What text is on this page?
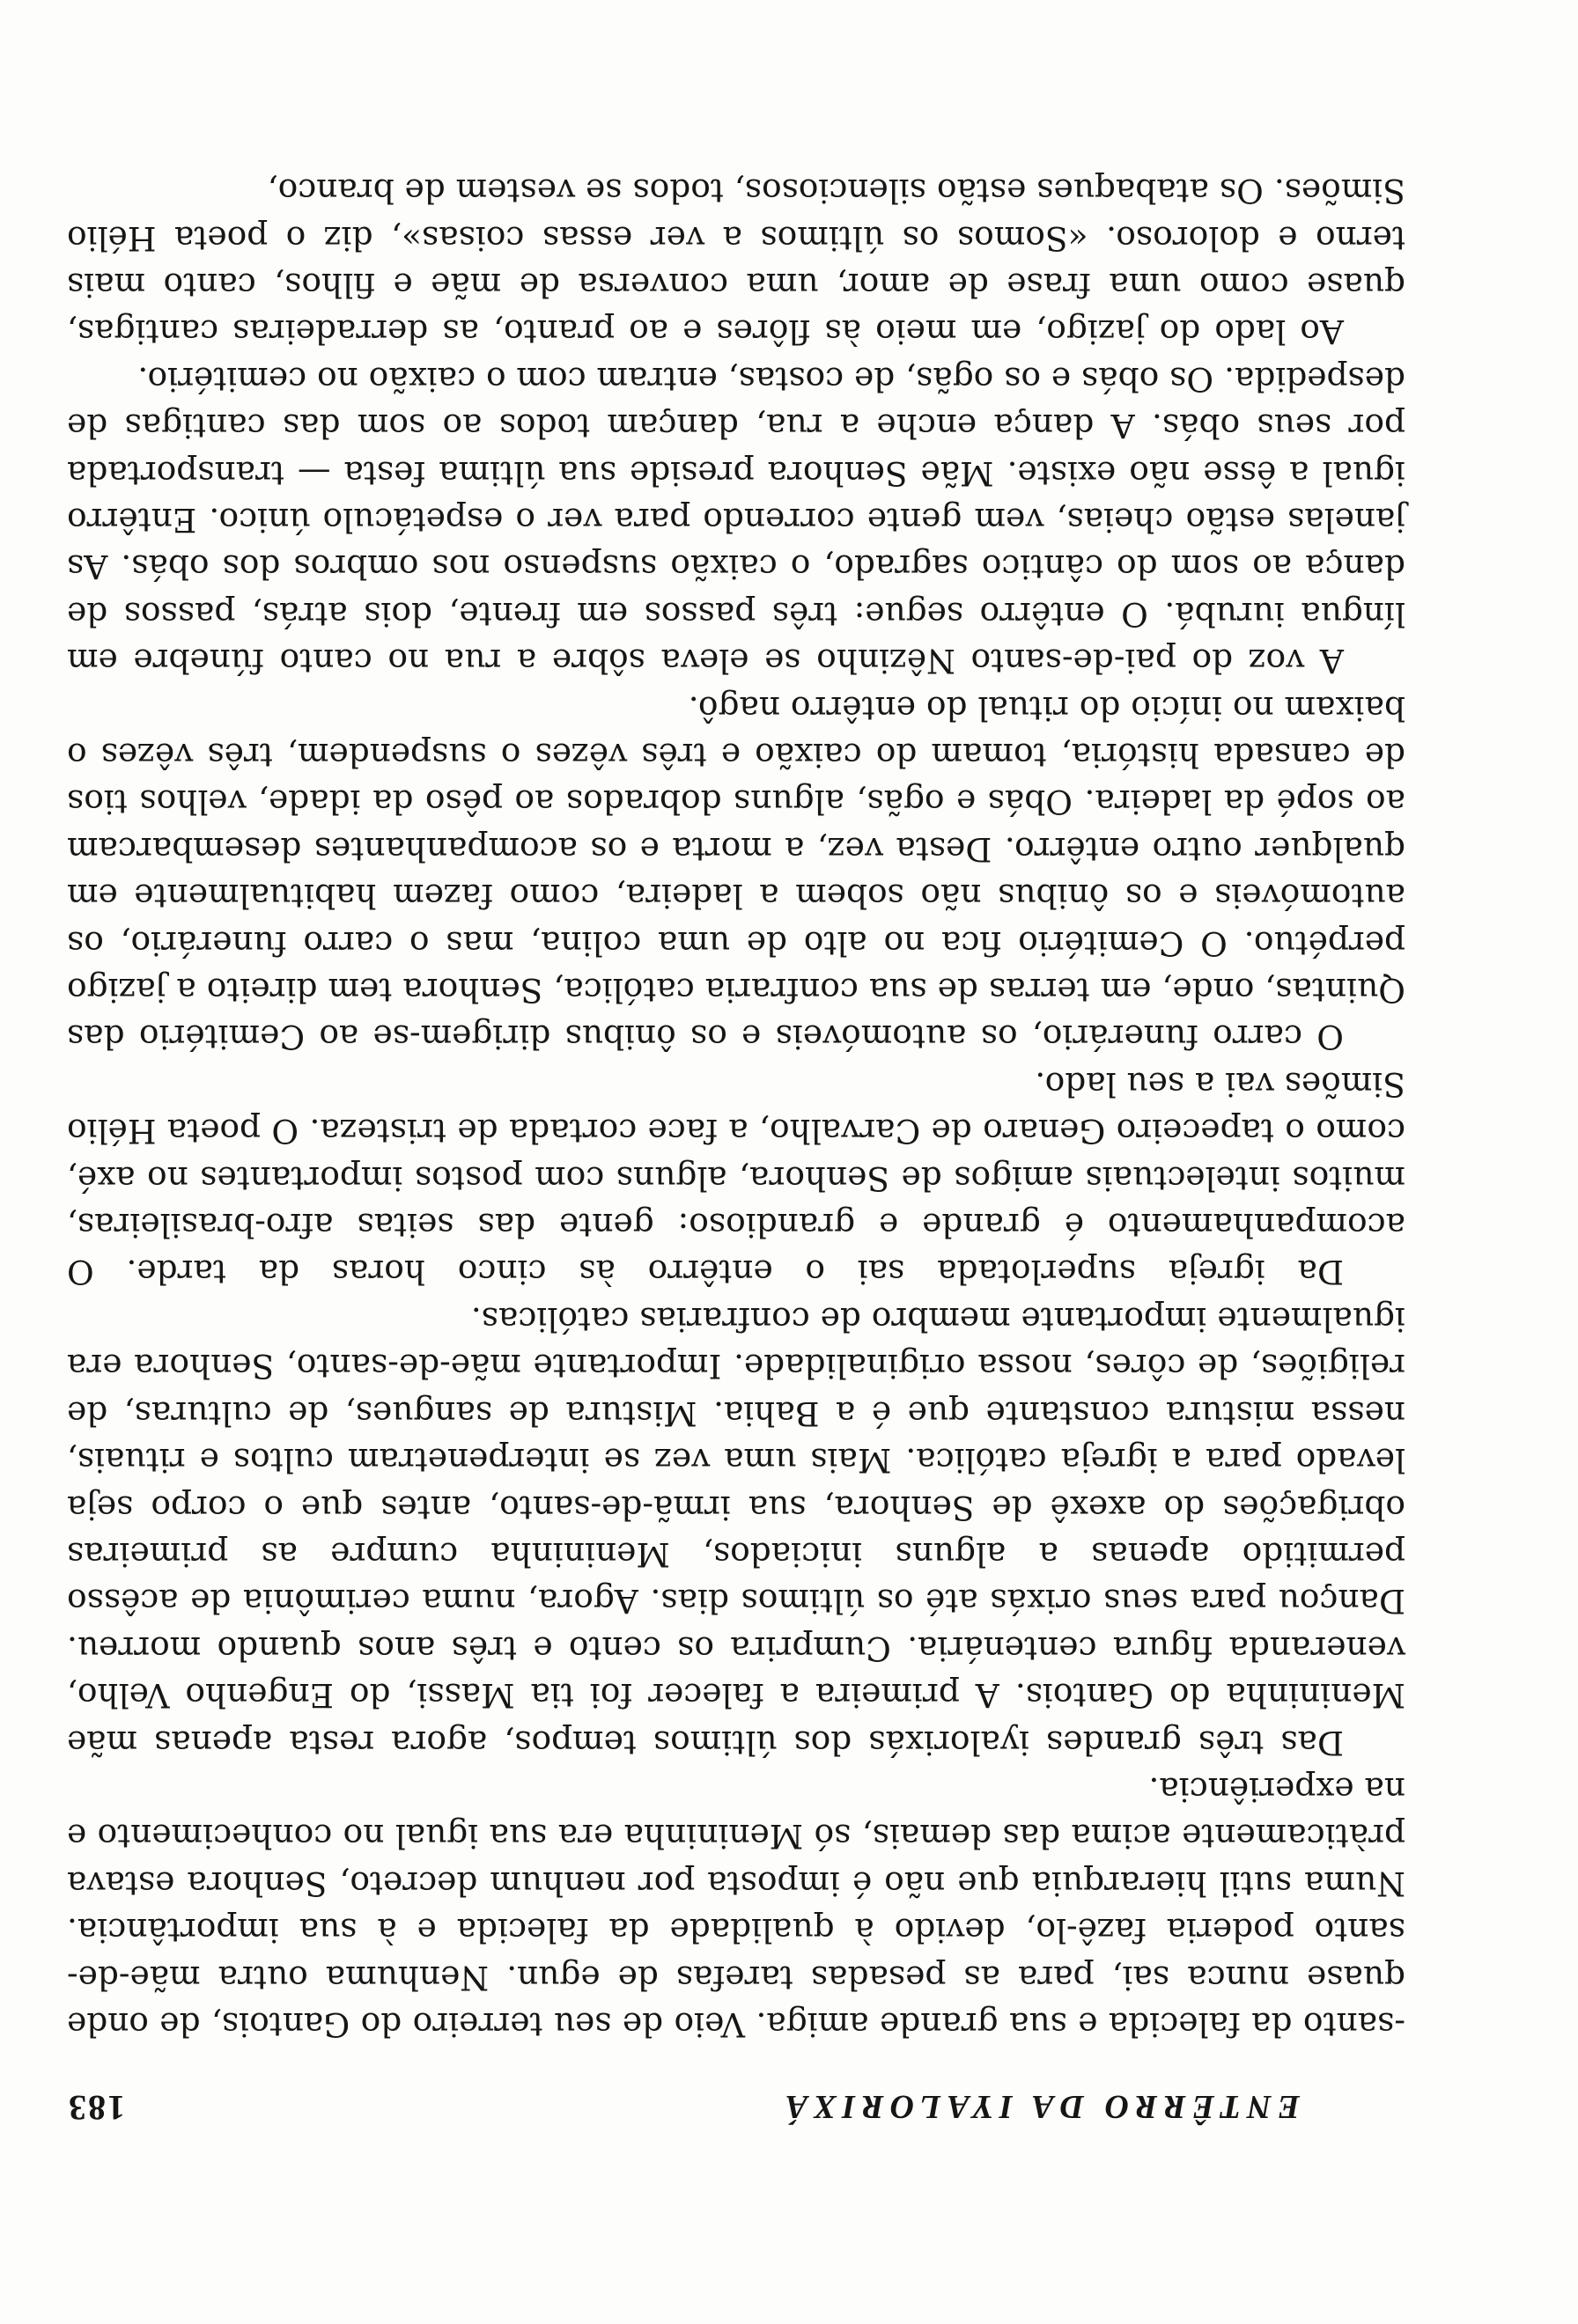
ENTÊRRO DA IYALORIXÁ
183

-santo da falecida e sua grande amiga. Veio de seu terreiro do Gantois, de onde quase nunca sai, para as pesadas tarefas de egun. Nenhuma outra mãe-de-santo poderia fazê-lo, devido à qualidade da falecida e à sua importância. Numa sutil hierarquia que não é imposta por nenhum decreto, Senhora estava pràticamente acima das demais, só Menininha era sua igual no conhecimento e na experiência.

Das três grandes iyalorixás dos últimos tempos, agora resta apenas mãe Menininha do Gantois. A primeira a falecer foi tia Massi, do Engenho Velho, veneranda figura centenária. Cumprira os cento e três anos quando morreu. Dançou para seus orixás até os últimos dias. Agora, numa cerimônia de acêsso permitido apenas a alguns iniciados, Menininha cumpre as primeiras obrigações do axexê de Senhora, sua irmã-de-santo, antes que o corpo seja levado para a igreja católica. Mais uma vez se interpenetram cultos e rituais, nessa mistura constante que é a Bahia. Mistura de sangues, de culturas, de religiões, de côres, nossa originalidade. Importante mãe-de-santo, Senhora era igualmente importante membro de confrarias católicas.

Da igreja superlotada sai o entêrro às cinco horas da tarde. O acompanhamento é grande e grandioso: gente das seitas afro-brasileiras, muitos intelectuais amigos de Senhora, alguns com postos importantes no axé, como o tapeceiro Genaro de Carvalho, a face cortada de tristeza. O poeta Hélio Simões vai a seu lado.

O carro funerário, os automóveis e os ônibus dirigem-se ao Cemitério das Quintas, onde, em terras de sua confraria católica, Senhora tem direito a jazigo perpétuo. O Cemitério fica no alto de uma colina, mas o carro funerário, os automóveis e os ônibus não sobem a ladeira, como fazem habitualmente em qualquer outro entêrro. Desta vez, a morta e os acompanhantes desembarcam ao sopé da ladeira. Obás e ogãs, alguns dobrados ao pêso da idade, velhos tios de cansada história, tomam do caixão e três vêzes o suspendem, três vêzes o baixam no início do ritual do entêrro nagô.

A voz do pai-de-santo Nêzinho se eleva sôbre a rua no canto fúnebre em língua iurubá. O entêrro segue: três passos em frente, dois atrás, passos de dança ao som do cântico sagrado, o caixão suspenso nos ombros dos obás. As janelas estão cheias, vem gente correndo para ver o espetáculo único. Entêrro igual a êsse não existe. Mãe Senhora preside sua última festa — transportada por seus obás. A dança enche a rua, dançam todos ao som das cantigas de despedida. Os obás e os ogãs, de costas, entram com o caixão no cemitério.

Ao lado do jazigo, em meio às flôres e ao pranto, as derradeiras cantigas, quase como uma frase de amor, uma conversa de mãe e filhos, canto mais terno e doloroso. «Somos os últimos a ver essas coisas», diz o poeta Hélio Simões. Os atabaques estão silenciosos, todos se vestem de branco,
